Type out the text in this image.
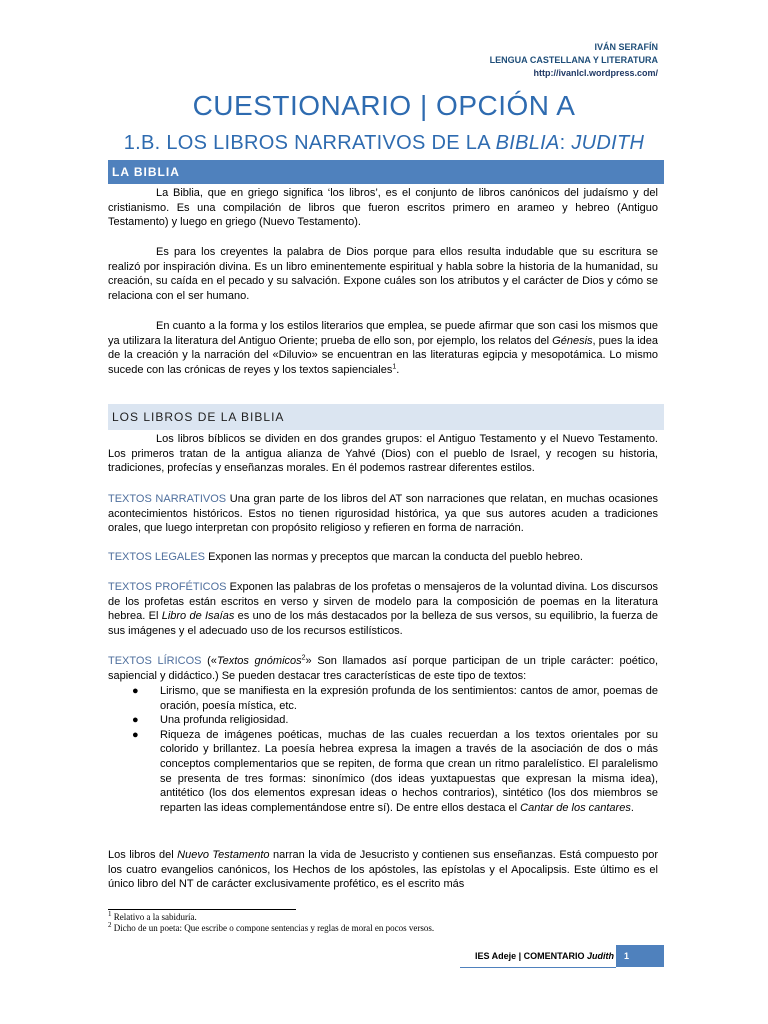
IVÁN SERAFÍN
LENGUA CASTELLANA Y LITERATURA
http://ivanlcl.wordpress.com/
CUESTIONARIO | OPCIÓN A
1.B. LOS LIBROS NARRATIVOS DE LA BIBLIA: JUDITH
LA BIBLIA
La Biblia, que en griego significa ‘los libros’, es el conjunto de libros canónicos del judaísmo y del cristianismo. Es una compilación de libros que fueron escritos primero en arameo y hebreo (Antiguo Testamento) y luego en griego (Nuevo Testamento).
Es para los creyentes la palabra de Dios porque para ellos resulta indudable que su escritura se realizó por inspiración divina. Es un libro eminentemente espiritual y habla sobre la historia de la humanidad, su creación, su caída en el pecado y su salvación. Expone cuáles son los atributos y el carácter de Dios y cómo se relaciona con el ser humano.
En cuanto a la forma y los estilos literarios que emplea, se puede afirmar que son casi los mismos que ya utilizara la literatura del Antiguo Oriente; prueba de ello son, por ejemplo, los relatos del Génesis, pues la idea de la creación y la narración del «Diluvio» se encuentran en las literaturas egipcia y mesopotámica. Lo mismo sucede con las crónicas de reyes y los textos sapienciales$^1$.
LOS LIBROS DE LA BIBLIA
Los libros bíblicos se dividen en dos grandes grupos: el Antiguo Testamento y el Nuevo Testamento. Los primeros tratan de la antigua alianza de Yahvé (Dios) con el pueblo de Israel, y recogen su historia, tradiciones, profecías y enseñanzas morales. En él podemos rastrear diferentes estilos.
TEXTOS NARRATIVOS Una gran parte de los libros del AT son narraciones que relatan, en muchas ocasiones acontecimientos históricos. Estos no tienen rigurosidad histórica, ya que sus autores acuden a tradiciones orales, que luego interpretan con propósito religioso y refieren en forma de narración.
TEXTOS LEGALES Exponen las normas y preceptos que marcan la conducta del pueblo hebreo.
TEXTOS PROFÉTICOS Exponen las palabras de los profetas o mensajeros de la voluntad divina. Los discursos de los profetas están escritos en verso y sirven de modelo para la composición de poemas en la literatura hebrea. El Libro de Isaías es uno de los más destacados por la belleza de sus versos, su equilibrio, la fuerza de sus imágenes y el adecuado uso de los recursos estilísticos.
TEXTOS LÍRICOS («Textos gnómicos$^2$» Son llamados así porque participan de un triple carácter: poético, sapiencial y didáctico.) Se pueden destacar tres características de este tipo de textos:
● Lirismo, que se manifiesta en la expresión profunda de los sentimientos: cantos de amor, poemas de oración, poesía mística, etc.
● Una profunda religiosidad.
● Riqueza de imágenes poéticas, muchas de las cuales recuerdan a los textos orientales por su colorido y brillantez. La poesía hebrea expresa la imagen a través de la asociación de dos o más conceptos complementarios que se repiten, de forma que crean un ritmo paralelístico. El paralelismo se presenta de tres formas: sinonímico (dos ideas yuxtapuestas que expresan la misma idea), antitético (los dos elementos expresan ideas o hechos contrarios), sintético (los dos miembros se reparten las ideas complementándose entre sí). De entre ellos destaca el Cantar de los cantares.
Los libros del Nuevo Testamento narran la vida de Jesucristo y contienen sus enseñanzas. Está compuesto por los cuatro evangelios canónicos, los Hechos de los apóstoles, las epístolas y el Apocalipsis. Este último es el único libro del NT de carácter exclusivamente profético, es el escrito más
$^1$ Relativo a la sabiduría.
$^2$ Dicho de un poeta: Que escribe o compone sentencias y reglas de moral en pocos versos.
IES Adeje | COMENTARIO Judith	1
